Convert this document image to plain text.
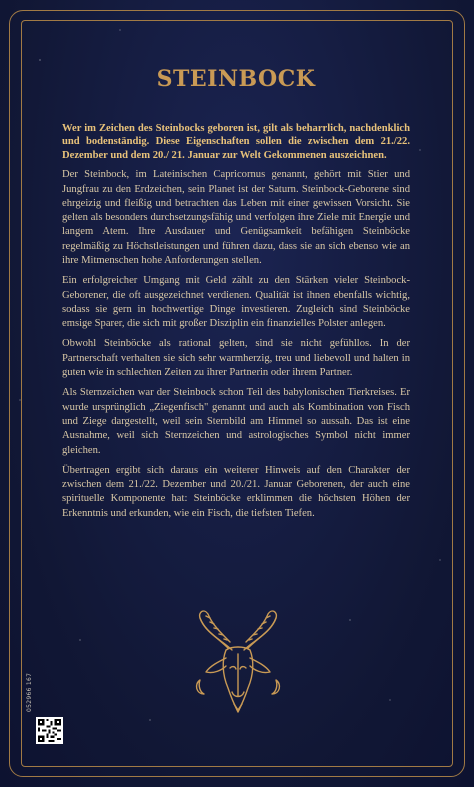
STEINBOCK

Wer im Zeichen des Steinbocks geboren ist, gilt als beharrlich, nachdenklich und bodenständig. Diese Eigenschaften sollen die zwischen dem 21./22. Dezember und dem 20./ 21. Januar zur Welt Gekommenen auszeichnen.

Der Steinbock, im Lateinischen Capricornus genannt, gehört mit Stier und Jungfrau zu den Erdzeichen, sein Planet ist der Saturn. Steinbock-Geborene sind ehrgeizig und fleißig und betrachten das Leben mit einer gewissen Vorsicht. Sie gelten als besonders durchsetzungsfähig und verfolgen ihre Ziele mit Energie und langem Atem. Ihre Ausdauer und Genügsamkeit befähigen Steinböcke regelmäßig zu Höchstleistungen und führen dazu, dass sie an sich ebenso wie an ihre Mitmenschen hohe Anforderungen stellen.

Ein erfolgreicher Umgang mit Geld zählt zu den Stärken vieler Steinbock-Geborener, die oft ausgezeichnet verdienen. Qualität ist ihnen ebenfalls wichtig, sodass sie gern in hochwertige Dinge investieren. Zugleich sind Steinböcke emsige Sparer, die sich mit großer Disziplin ein finanzielles Polster anlegen.

Obwohl Steinböcke als rational gelten, sind sie nicht gefühllos. In der Partnerschaft verhalten sie sich sehr warmherzig, treu und liebevoll und halten in guten wie in schlechten Zeiten zu ihrer Partnerin oder ihrem Partner.

Als Sternzeichen war der Steinbock schon Teil des babylonischen Tierkreises. Er wurde ursprünglich „Ziegenfisch" genannt und auch als Kombination von Fisch und Ziege dargestellt, weil sein Sternbild am Himmel so aussah. Das ist eine Ausnahme, weil sich Sternzeichen und astrologisches Symbol nicht immer gleichen.

Übertragen ergibt sich daraus ein weiterer Hinweis auf den Charakter der zwischen dem 21./22. Dezember und 20./21. Januar Geborenen, der auch eine spirituelle Komponente hat: Steinböcke erklimmen die höchsten Höhen der Erkenntnis und erkunden, wie ein Fisch, die tiefsten Tiefen.

052966 167
